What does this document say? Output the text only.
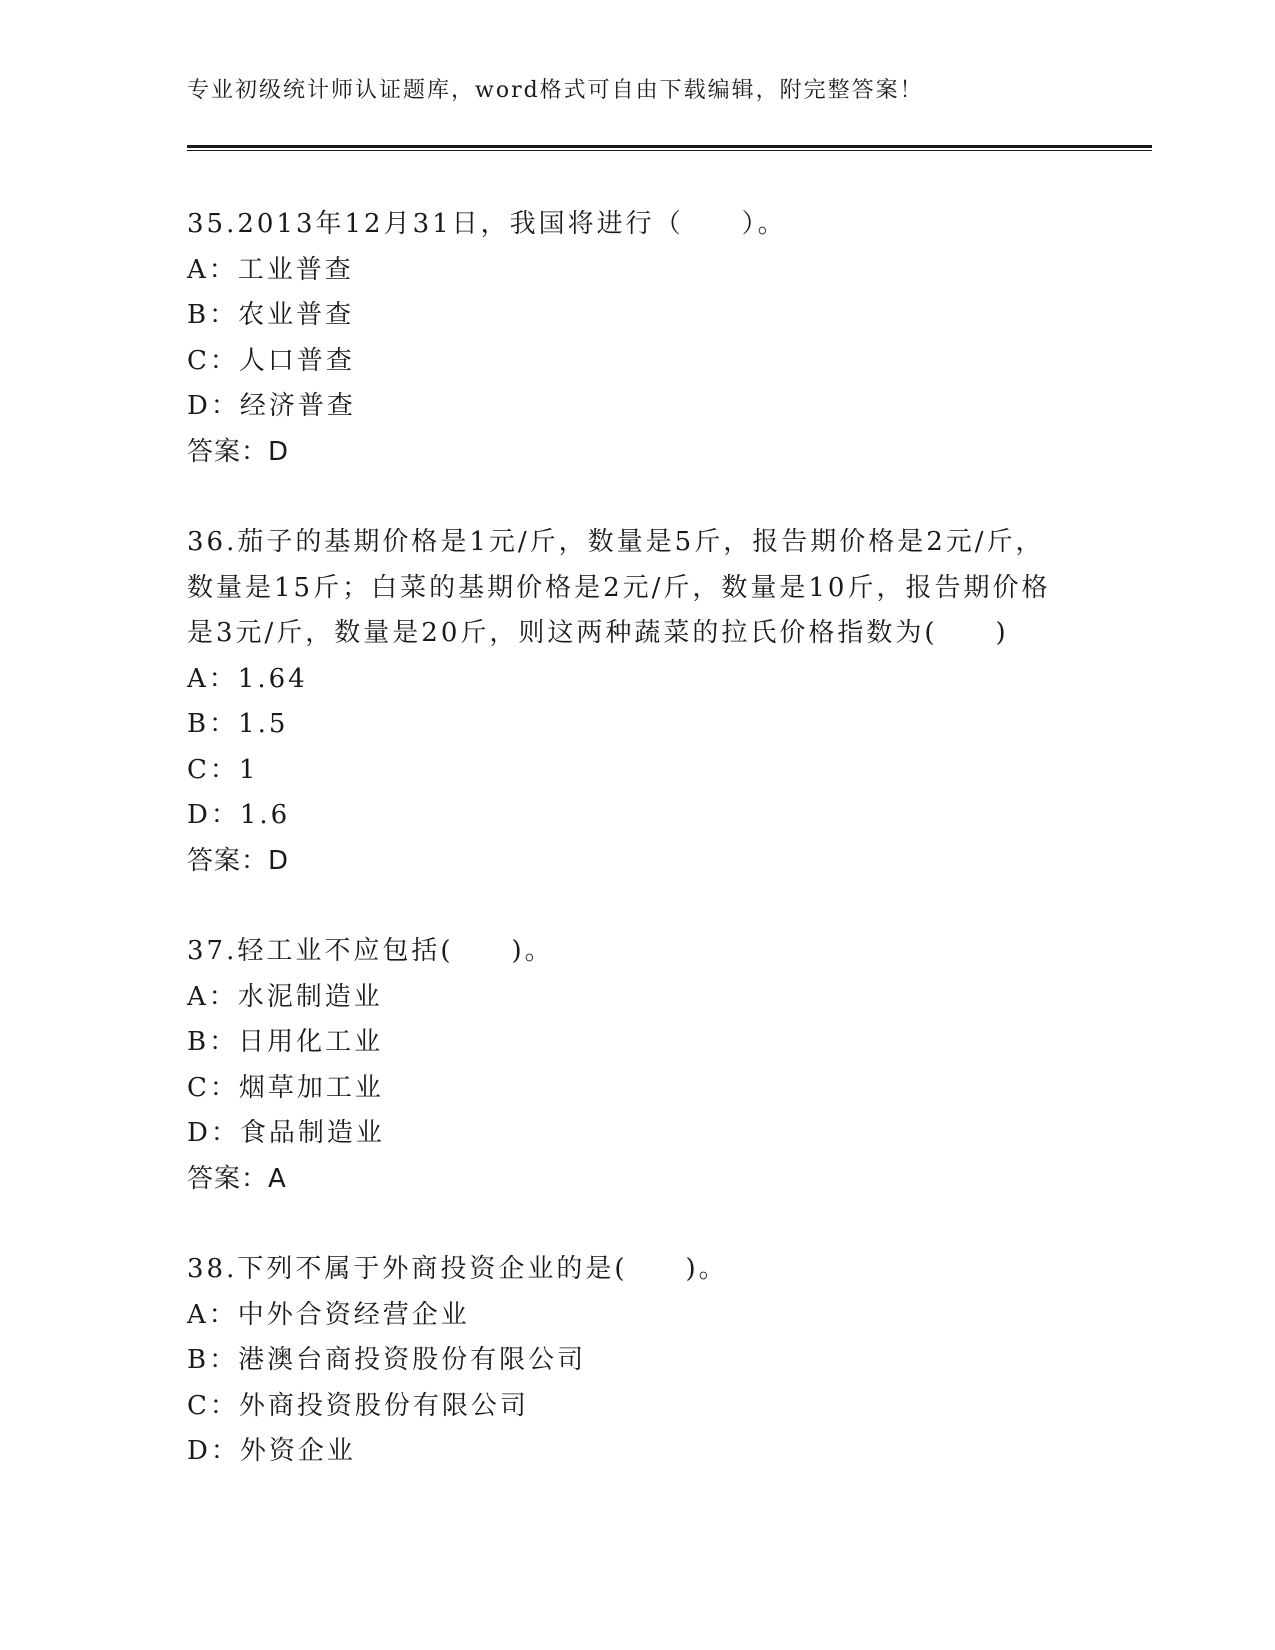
专业初级统计师认证题库，word格式可自由下载编辑，附完整答案！
35.2013年12月31日，我国将进行（　　）。
A：工业普查
B：农业普查
C：人口普查
D：经济普查
答案：D
36.茄子的基期价格是1元/斤，数量是5斤，报告期价格是2元/斤，
数量是15斤；白菜的基期价格是2元/斤，数量是10斤，报告期价格
是3元/斤，数量是20斤，则这两种蔬菜的拉氏价格指数为(　　)
A：1.64
B：1.5
C：1
D：1.6
答案：D
37.轻工业不应包括(　　)。
A：水泥制造业
B：日用化工业
C：烟草加工业
D：食品制造业
答案：A
38.下列不属于外商投资企业的是(　　)。
A：中外合资经营企业
B：港澳台商投资股份有限公司
C：外商投资股份有限公司
D：外资企业
